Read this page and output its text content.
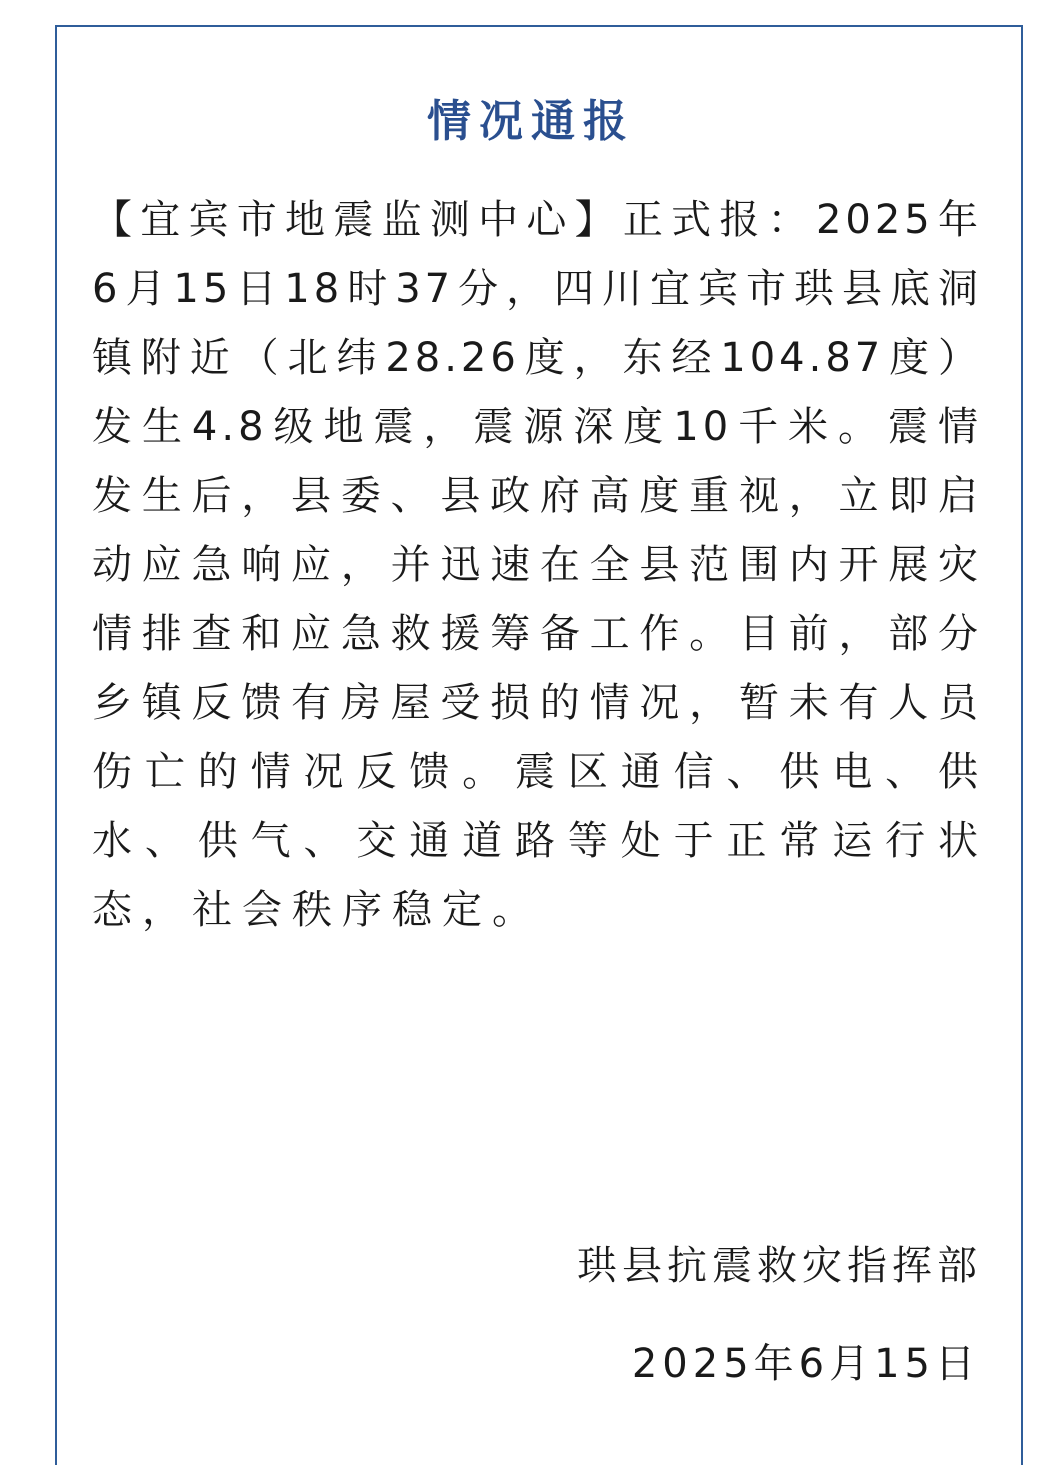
情况通报
【宜宾市地震监测中心】正式报：2025年
6月15日18时37分，四川宜宾市珙县底洞
镇附近（北纬28.26度，东经104.87度）
发生4.8级地震，震源深度10千米。震情
发生后，县委、县政府高度重视，立即启
动应急响应，并迅速在全县范围内开展灾
情排查和应急救援筹备工作。目前，部分
乡镇反馈有房屋受损的情况，暂未有人员
伤亡的情况反馈。震区通信、供电、供
水、供气、交通道路等处于正常运行状
态，社会秩序稳定。
珙县抗震救灾指挥部
2025年6月15日
